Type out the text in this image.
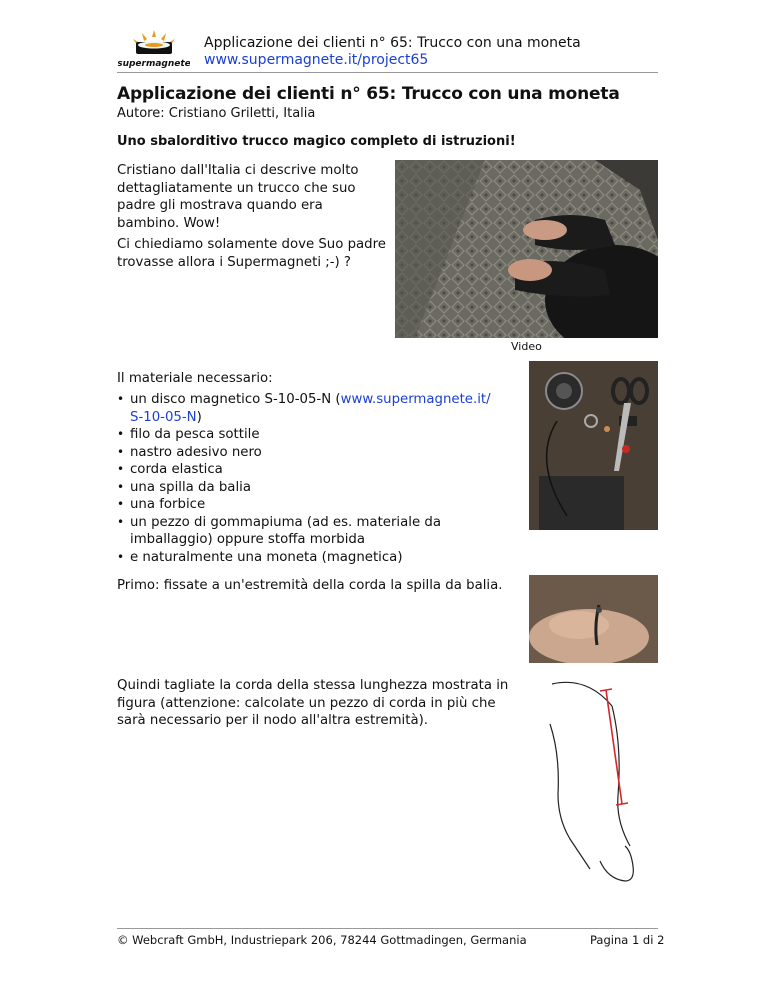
supermagnete
Applicazione dei clienti n° 65: Trucco con una moneta
www.supermagnete.it/project65
Applicazione dei clienti n° 65: Trucco con una moneta
Autore: Cristiano Griletti, Italia
Uno sbalorditivo trucco magico completo di istruzioni!
Cristiano dall'Italia ci descrive molto dettagliatamente un trucco che suo padre gli mostrava quando era bambino. Wow!
Ci chiediamo solamente dove Suo padre trovasse allora i Supermagneti ;-) ?
Video
Il materiale necessario:
• un disco magnetico S-10-05-N (www.supermagnete.it/ S-10-05-N)
• filo da pesca sottile
• nastro adesivo nero
• corda elastica
• una spilla da balia
• una forbice
• un pezzo di gommapiuma (ad es. materiale da imballaggio) oppure stoffa morbida
• e naturalmente una moneta (magnetica)
Primo: fissate a un'estremità della corda la spilla da balia.
Quindi tagliate la corda della stessa lunghezza mostrata in figura (attenzione: calcolate un pezzo di corda in più che sarà necessario per il nodo all'altra estremità).
© Webcraft GmbH, Industriepark 206, 78244 Gottmadingen, Germania	Pagina 1 di 2
